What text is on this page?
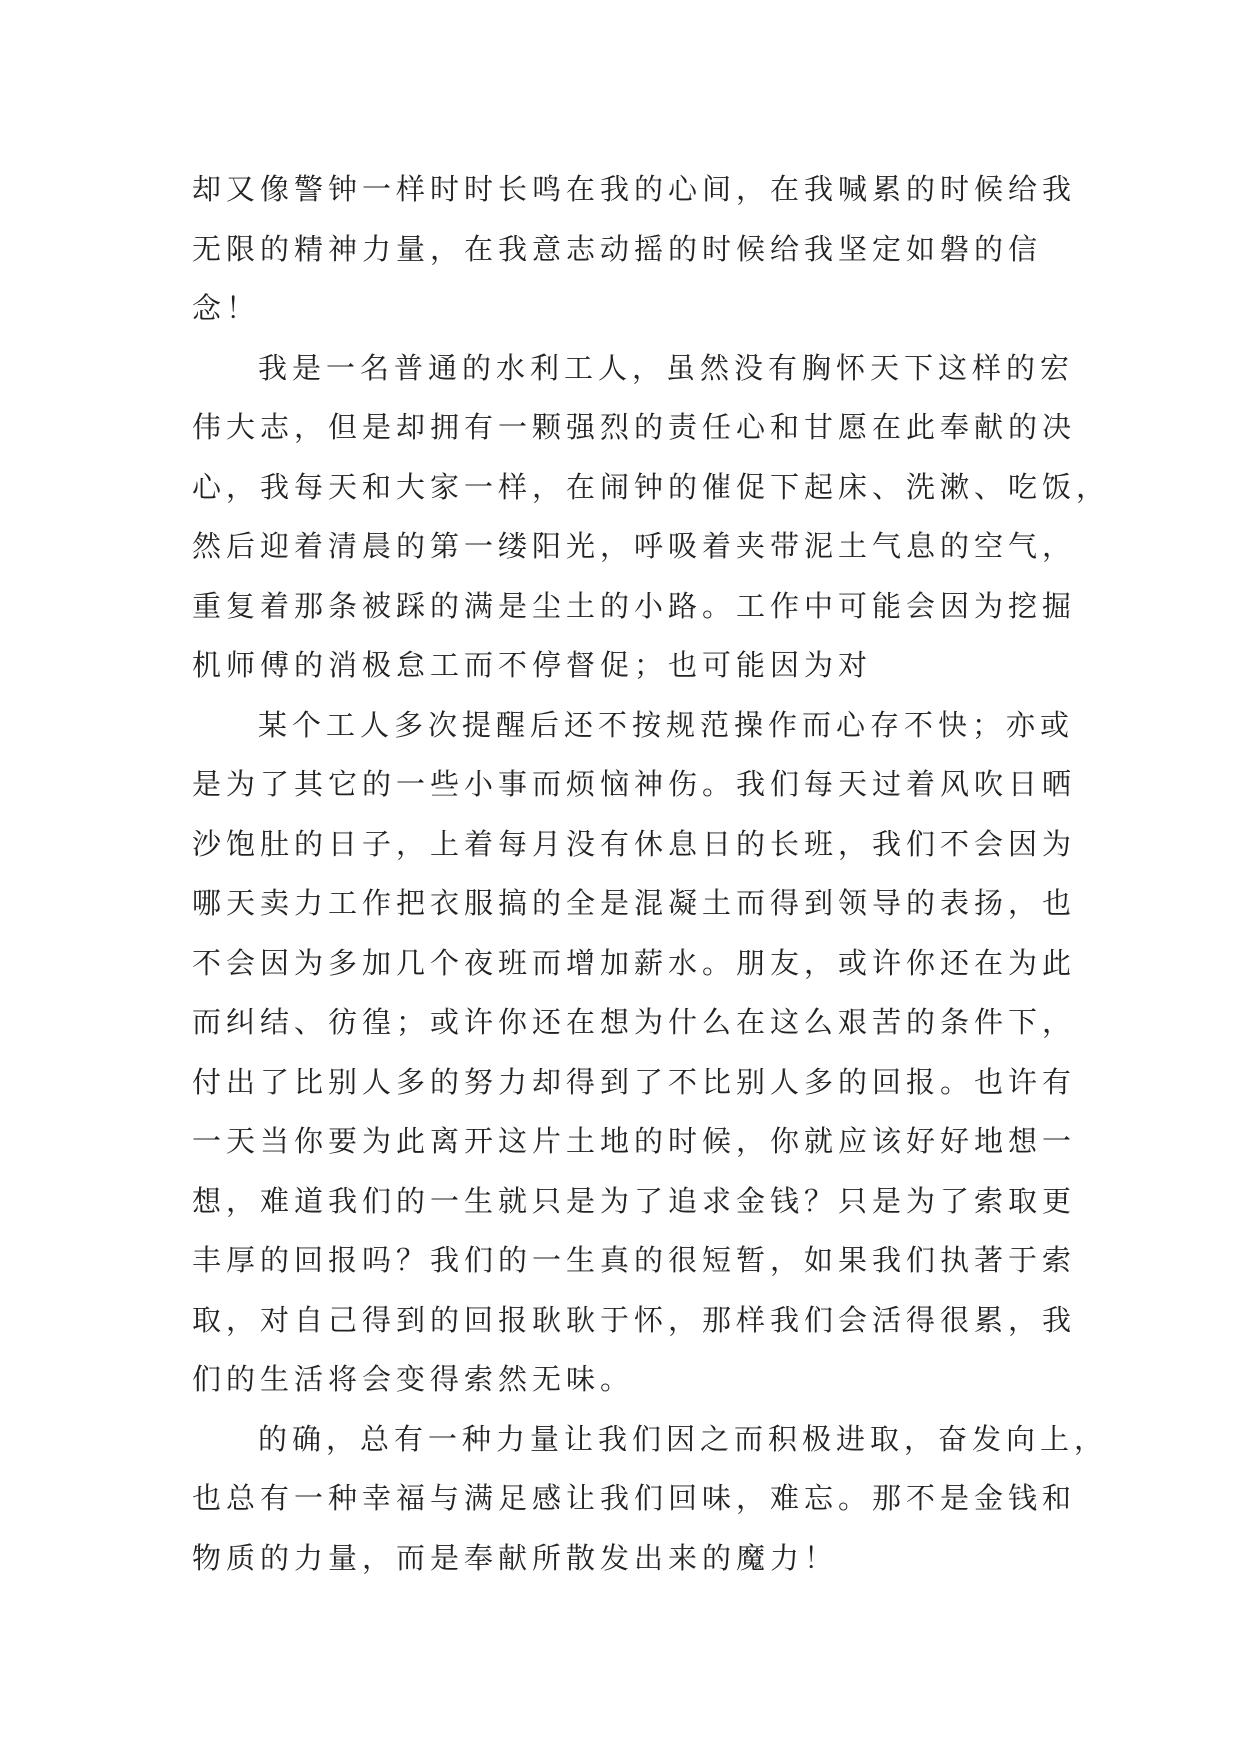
却又像警钟一样时时长鸣在我的心间，在我喊累的时候给我
无限的精神力量，在我意志动摇的时候给我坚定如磐的信
念！
我是一名普通的水利工人，虽然没有胸怀天下这样的宏
伟大志，但是却拥有一颗强烈的责任心和甘愿在此奉献的决
心，我每天和大家一样，在闹钟的催促下起床、洗漱、吃饭，
然后迎着清晨的第一缕阳光，呼吸着夹带泥土气息的空气，
重复着那条被踩的满是尘土的小路。工作中可能会因为挖掘
机师傅的消极怠工而不停督促；也可能因为对
某个工人多次提醒后还不按规范操作而心存不快；亦或
是为了其它的一些小事而烦恼神伤。我们每天过着风吹日晒
沙饱肚的日子，上着每月没有休息日的长班，我们不会因为
哪天卖力工作把衣服搞的全是混凝土而得到领导的表扬，也
不会因为多加几个夜班而增加薪水。朋友，或许你还在为此
而纠结、彷徨；或许你还在想为什么在这么艰苦的条件下，
付出了比别人多的努力却得到了不比别人多的回报。也许有
一天当你要为此离开这片土地的时候，你就应该好好地想一
想，难道我们的一生就只是为了追求金钱？只是为了索取更
丰厚的回报吗？我们的一生真的很短暂，如果我们执著于索
取，对自己得到的回报耿耿于怀，那样我们会活得很累，我
们的生活将会变得索然无味。
的确，总有一种力量让我们因之而积极进取，奋发向上，
也总有一种幸福与满足感让我们回味，难忘。那不是金钱和
物质的力量，而是奉献所散发出来的魔力！
